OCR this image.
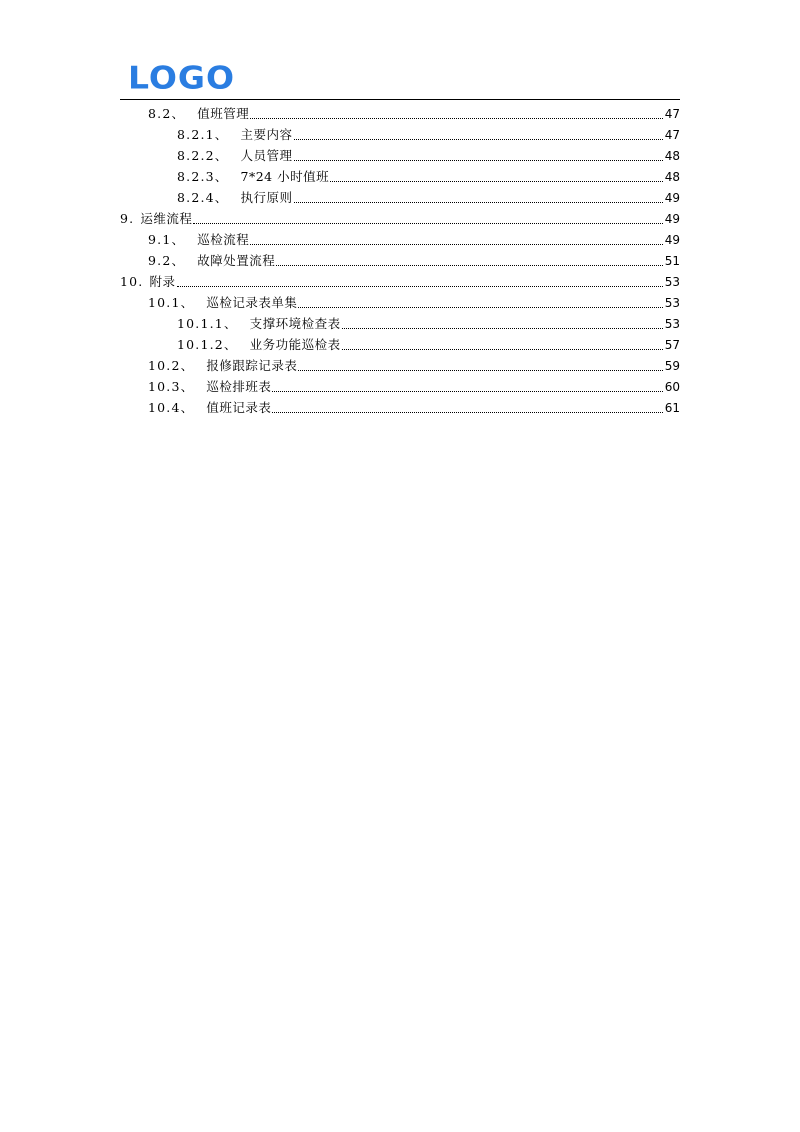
LOGO
8.2、 值班管理	47
8.2.1、 主要内容	47
8.2.2、 人员管理	48
8.2.3、 7*24 小时值班	48
8.2.4、 执行原则	49
9. 运维流程	49
9.1、 巡检流程	49
9.2、 故障处置流程	51
10. 附录	53
10.1、 巡检记录表单集	53
10.1.1、 支撑环境检查表	53
10.1.2、 业务功能巡检表	57
10.2、 报修跟踪记录表	59
10.3、 巡检排班表	60
10.4、 值班记录表	61
